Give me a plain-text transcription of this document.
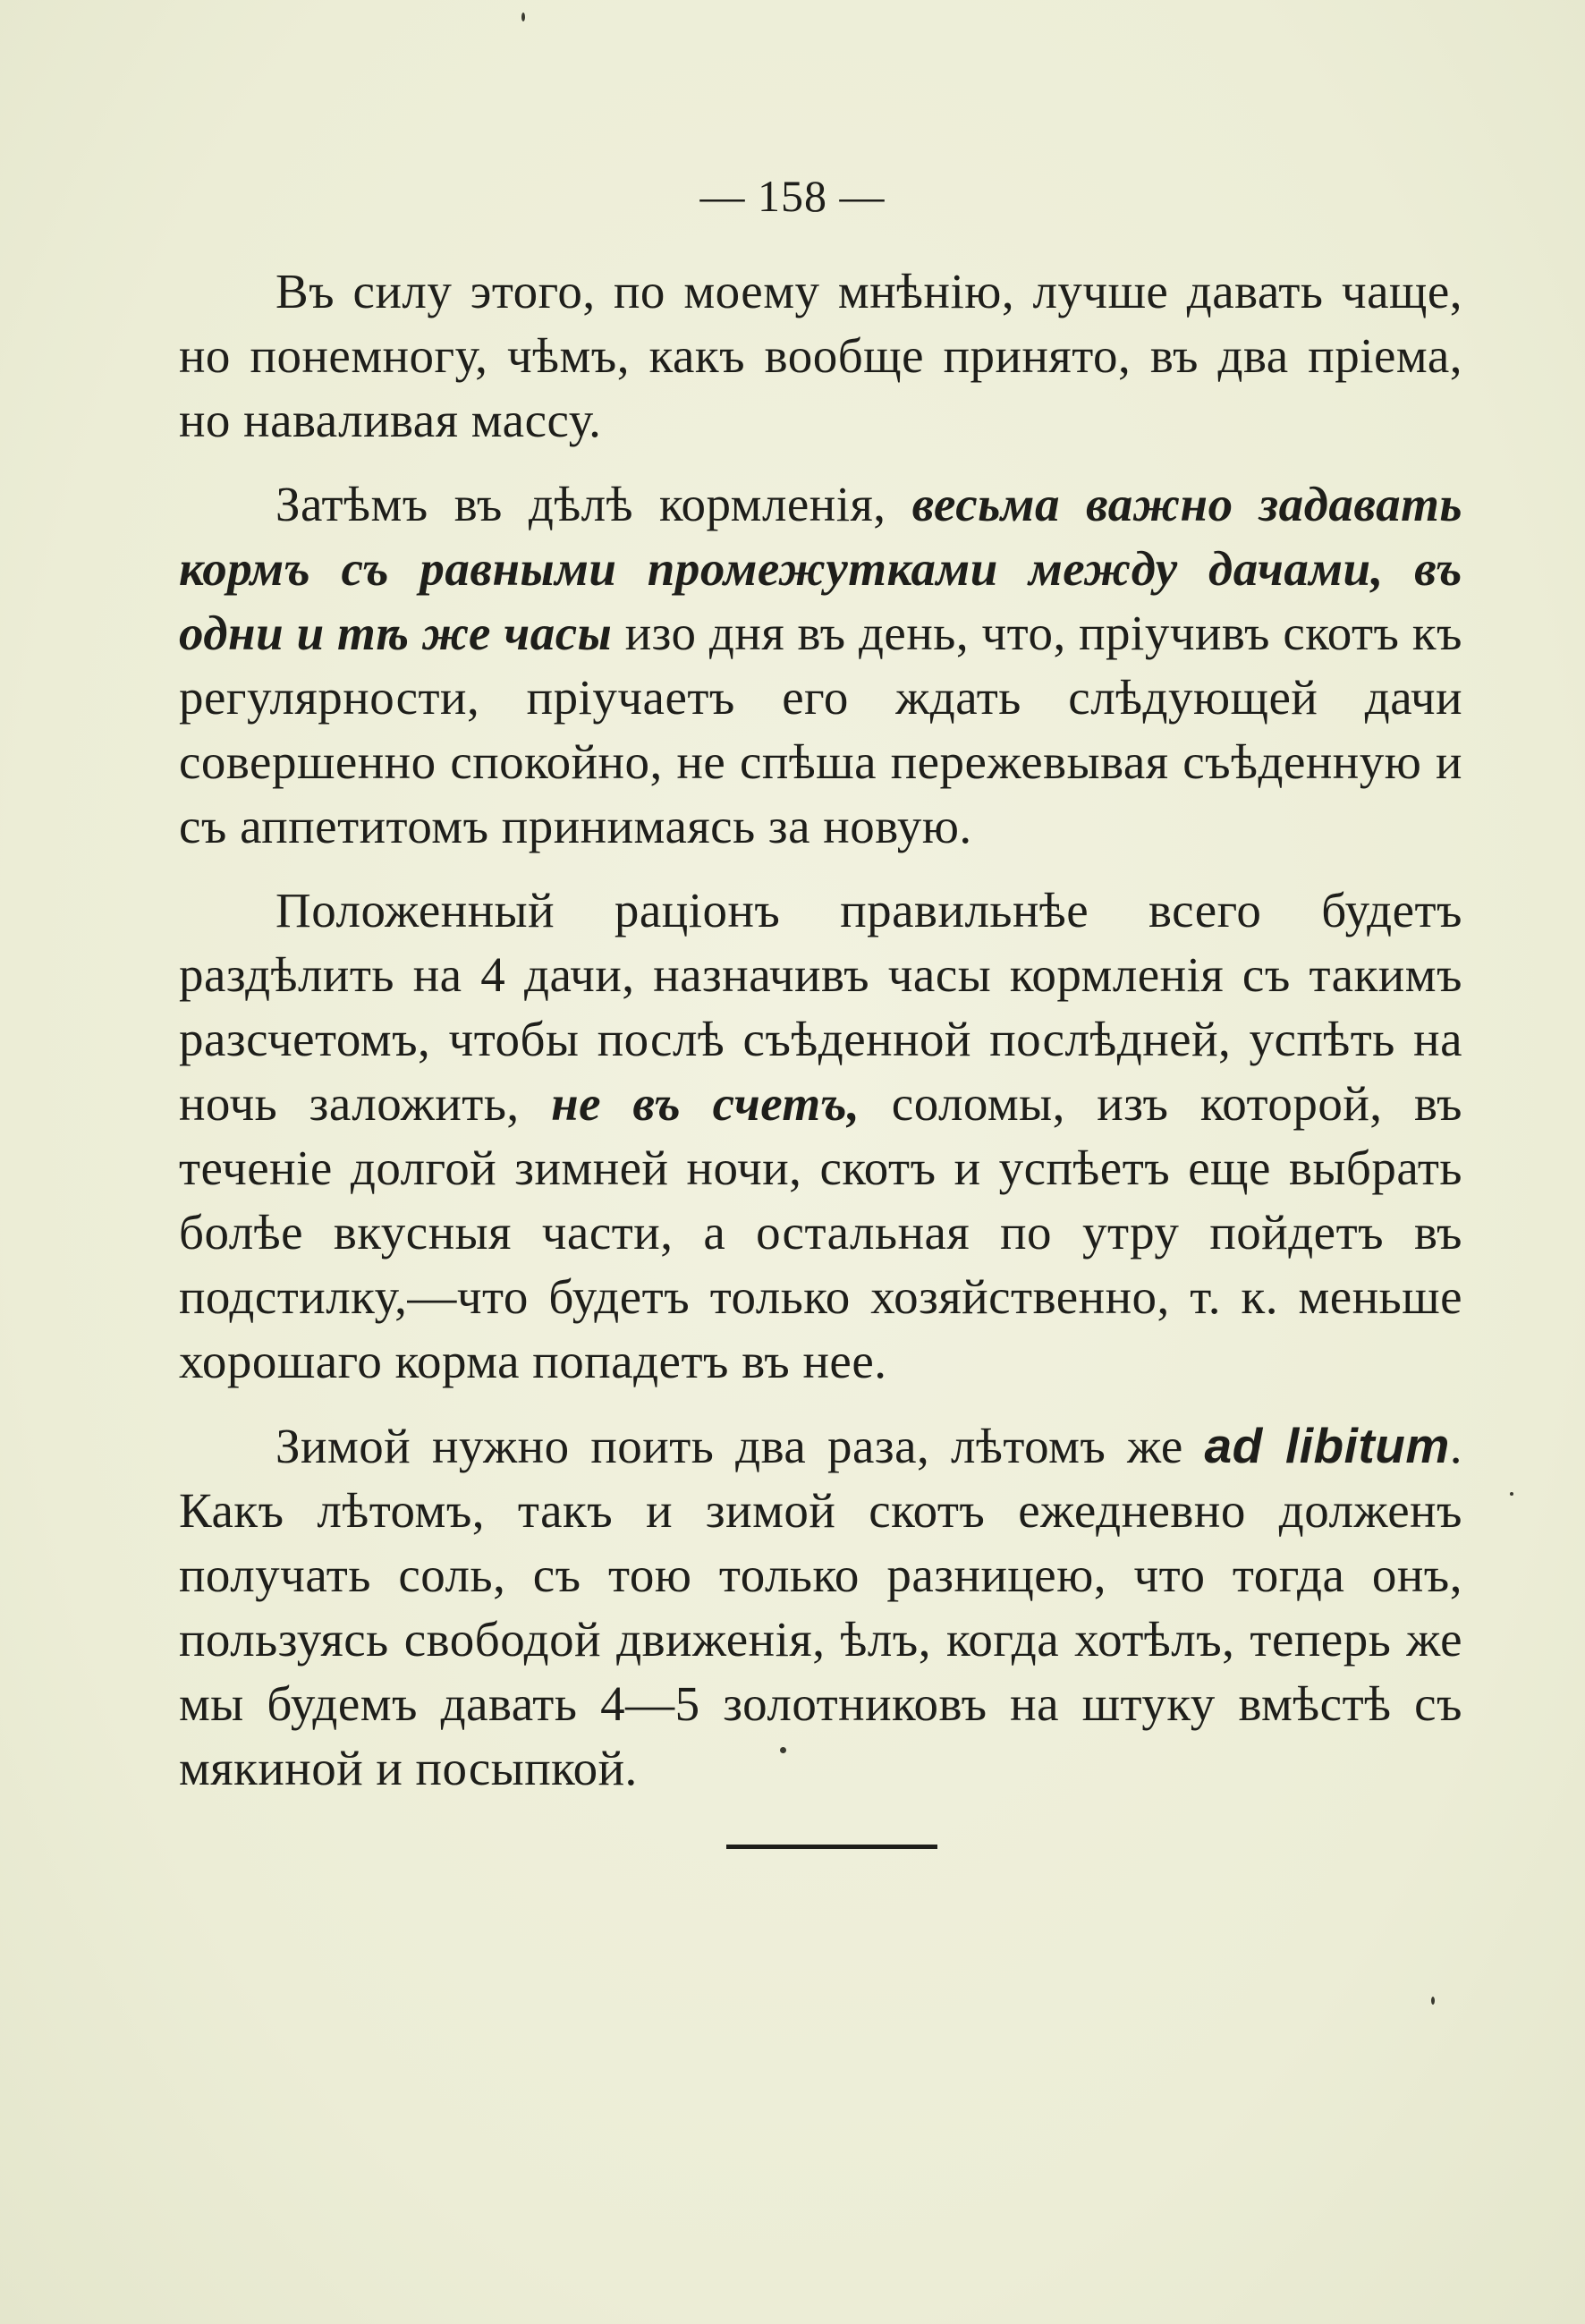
— 158 —

Въ силу этого, по моему мнѣнію, лучше давать чаще, но понемногу, чѣмъ, какъ вообще принято, въ два пріема, но наваливая массу.

Затѣмъ въ дѣлѣ кормленія, весьма важно задавать кормъ съ равными промежутками между дачами, въ одни и тѣ же часы изо дня въ день, что, пріучивъ скотъ къ регулярности, пріучаетъ его ждать слѣдующей дачи совершенно спокойно, не спѣша пережевывая съѣденную и съ аппетитомъ принимаясь за новую.

Положенный раціонъ правильнѣе всего будетъ раздѣлить на 4 дачи, назначивъ часы кормленія съ такимъ разсчетомъ, чтобы послѣ съѣденной послѣдней, успѣть на ночь заложить, не въ счетъ, соломы, изъ которой, въ теченіе долгой зимней ночи, скотъ и успѣетъ еще выбрать болѣе вкусныя части, а остальная по утру пойдетъ въ подстилку,—что будетъ только хозяйственно, т. к. меньше хорошаго корма попадетъ въ нее.

Зимой нужно поить два раза, лѣтомъ же ad libitum. Какъ лѣтомъ, такъ и зимой скотъ ежедневно долженъ получать соль, съ тою только разницею, что тогда онъ, пользуясь свободой движенія, ѣлъ, когда хотѣлъ, теперь же мы будемъ давать 4—5 золотниковъ на штуку вмѣстѣ съ мякиной и посыпкой.
